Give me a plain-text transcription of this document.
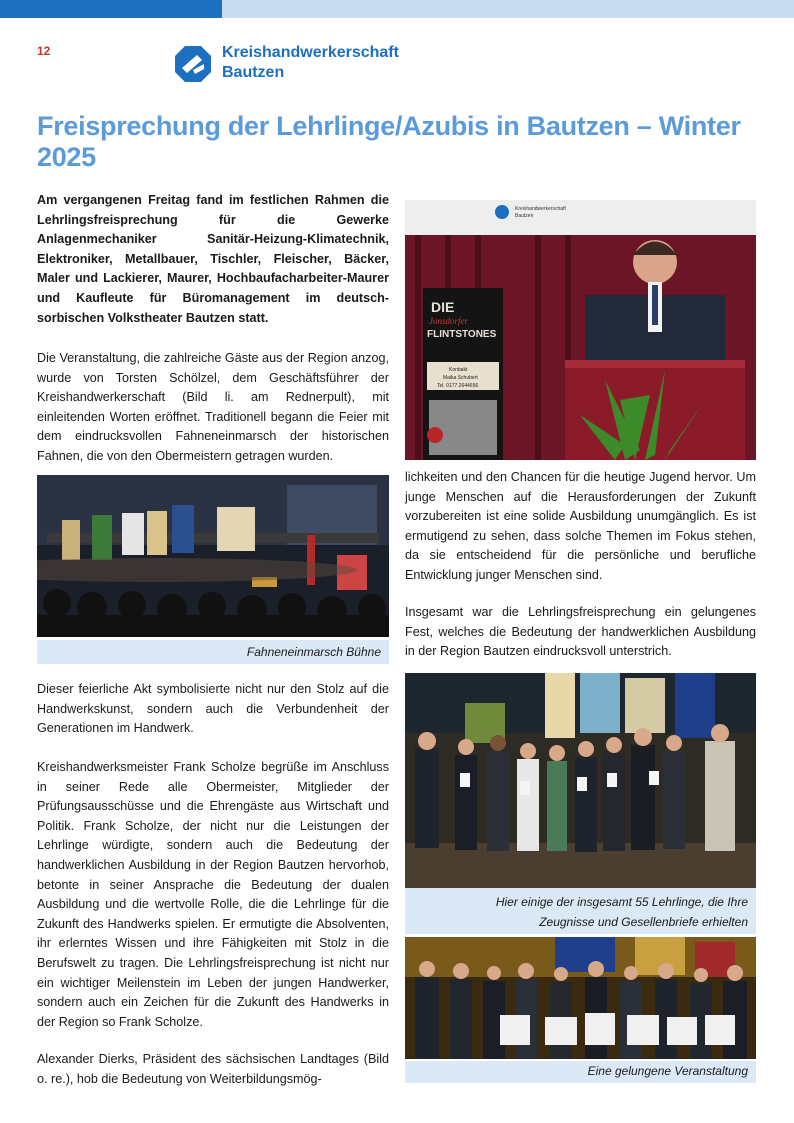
12	Kreishandwerkerschaft
Bautzen
Freisprechung der Lehrlinge/Azubis in Bautzen – Winter 2025

Am vergangenen Freitag fand im festlichen Rahmen die Lehrlingsfreisprechung für die Gewerke Anlagenmechaniker Sanitär-Heizung-Klimatechnik, Elektroniker, Metallbauer, Tischler, Fleischer, Bäcker, Maler und Lackierer, Maurer, Hochbaufacharbeiter-Maurer und Kaufleute für Büromanagement im deutsch-sorbischen Volkstheater Bautzen statt.

Die Veranstaltung, die zahlreiche Gäste aus der Region anzog, wurde von Torsten Schölzel, dem Geschäftsführer der Kreishandwerkerschaft (Bild li. am Rednerpult), mit einleitenden Worten eröffnet. Traditionell begann die Feier mit dem eindrucksvollen Fahneneinmarsch der historischen Fahnen, die von den Obermeistern getragen wurden.

Fahneneinmarsch Bühne

Dieser feierliche Akt symbolisierte nicht nur den Stolz auf die Handwerkskunst, sondern auch die Verbundenheit der Generationen im Handwerk.

Kreishandwerksmeister Frank Scholze begrüße im Anschluss in seiner Rede alle Obermeister, Mitglieder der Prüfungsausschüsse und die Ehrengäste aus Wirtschaft und Politik. Frank Scholze, der nicht nur die Leistungen der Lehrlinge würdigte, sondern auch die Bedeutung der handwerklichen Ausbildung in der Region Bautzen hervorhob, betonte in seiner Ansprache die Bedeutung der dualen Ausbildung und die wertvolle Rolle, die die Lehrlinge für die Zukunft des Handwerks spielen. Er ermutigte die Absolventen, ihr erlerntes Wissen und ihre Fähigkeiten mit Stolz in die Berufswelt zu tragen. Die Lehrlingsfreisprechung ist nicht nur ein wichtiger Meilenstein im Leben der jungen Handwerker, sondern auch ein Zeichen für die Zukunft des Handwerks in der Region so Frank Scholze.

Alexander Dierks, Präsident des sächsischen Landtages (Bild o. re.), hob die Bedeutung von Weiterbildungsmög-

Kreishandwerkerschaft
Bautzen
DIE
Jonsdorfer
FLINTSTONES
Konbakt
Maika Schubert
Tel. 0177 2644656

lichkeiten und den Chancen für die heutige Jugend hervor. Um junge Menschen auf die Herausforderungen der Zukunft vorzubereiten ist eine solide Ausbildung unumgänglich. Es ist ermutigend zu sehen, dass solche Themen im Fokus stehen, da sie entscheidend für die persönliche und berufliche Entwicklung junger Menschen sind.

Insgesamt war die Lehrlingsfreisprechung ein gelungenes Fest, welches die Bedeutung der handwerklichen Ausbildung in der Region Bautzen eindrucksvoll unterstrich.

Hier einige der insgesamt 55 Lehrlinge, die Ihre
Zeugnisse und Gesellenbriefe erhielten
Eine gelungene Veranstaltung
